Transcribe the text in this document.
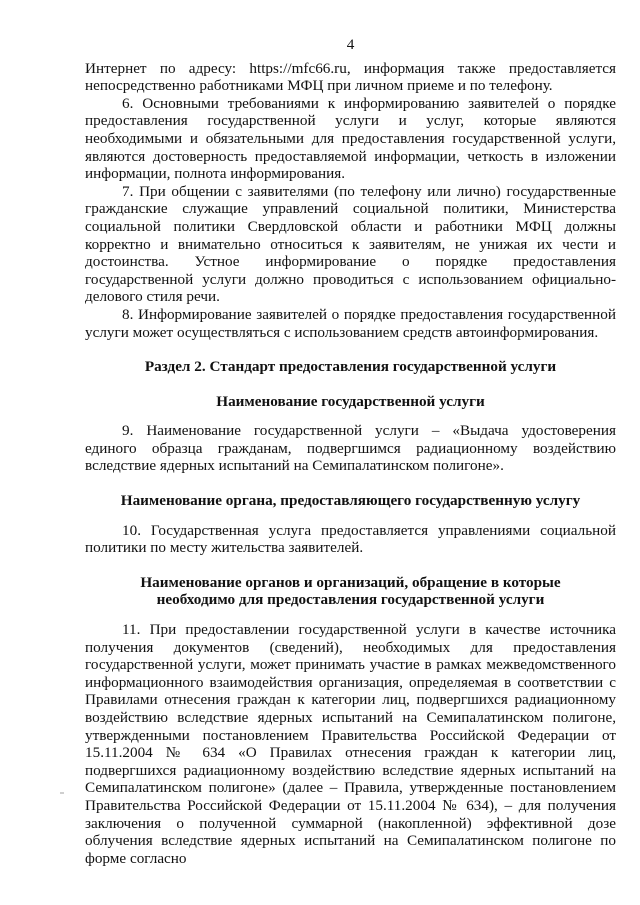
4

Интернет по адресу: https://mfc66.ru, информация также предоставляется непосредственно работниками МФЦ при личном приеме и по телефону.

6. Основными требованиями к информированию заявителей о порядке предоставления государственной услуги и услуг, которые являются необходимыми и обязательными для предоставления государственной услуги, являются достоверность предоставляемой информации, четкость в изложении информации, полнота информирования.

7. При общении с заявителями (по телефону или лично) государственные гражданские служащие управлений социальной политики, Министерства социальной политики Свердловской области и работники МФЦ должны корректно и внимательно относиться к заявителям, не унижая их чести и достоинства. Устное информирование о порядке предоставления государственной услуги должно проводиться с использованием официально-делового стиля речи.

8. Информирование заявителей о порядке предоставления государственной услуги может осуществляться с использованием средств автоинформирования.

Раздел 2. Стандарт предоставления государственной услуги

Наименование государственной услуги

9. Наименование государственной услуги – «Выдача удостоверения единого образца гражданам, подвергшимся радиационному воздействию вследствие ядерных испытаний на Семипалатинском полигоне».

Наименование органа, предоставляющего государственную услугу

10. Государственная услуга предоставляется управлениями социальной политики по месту жительства заявителей.

Наименование органов и организаций, обращение в которые

необходимо для предоставления государственной услуги

11. При предоставлении государственной услуги в качестве источника получения документов (сведений), необходимых для предоставления государственной услуги, может принимать участие в рамках межведомственного информационного взаимодействия организация, определяемая в соответствии с Правилами отнесения граждан к категории лиц, подвергшихся радиационному воздействию вследствие ядерных испытаний на Семипалатинском полигоне, утвержденными постановлением Правительства Российской Федерации от 15.11.2004 № 634 «О Правилах отнесения граждан к категории лиц, подвергшихся радиационному воздействию вследствие ядерных испытаний на Семипалатинском полигоне» (далее – Правила, утвержденные постановлением Правительства Российской Федерации от 15.11.2004 № 634), – для получения заключения о полученной суммарной (накопленной) эффективной дозе облучения вследствие ядерных испытаний на Семипалатинском полигоне по форме согласно
